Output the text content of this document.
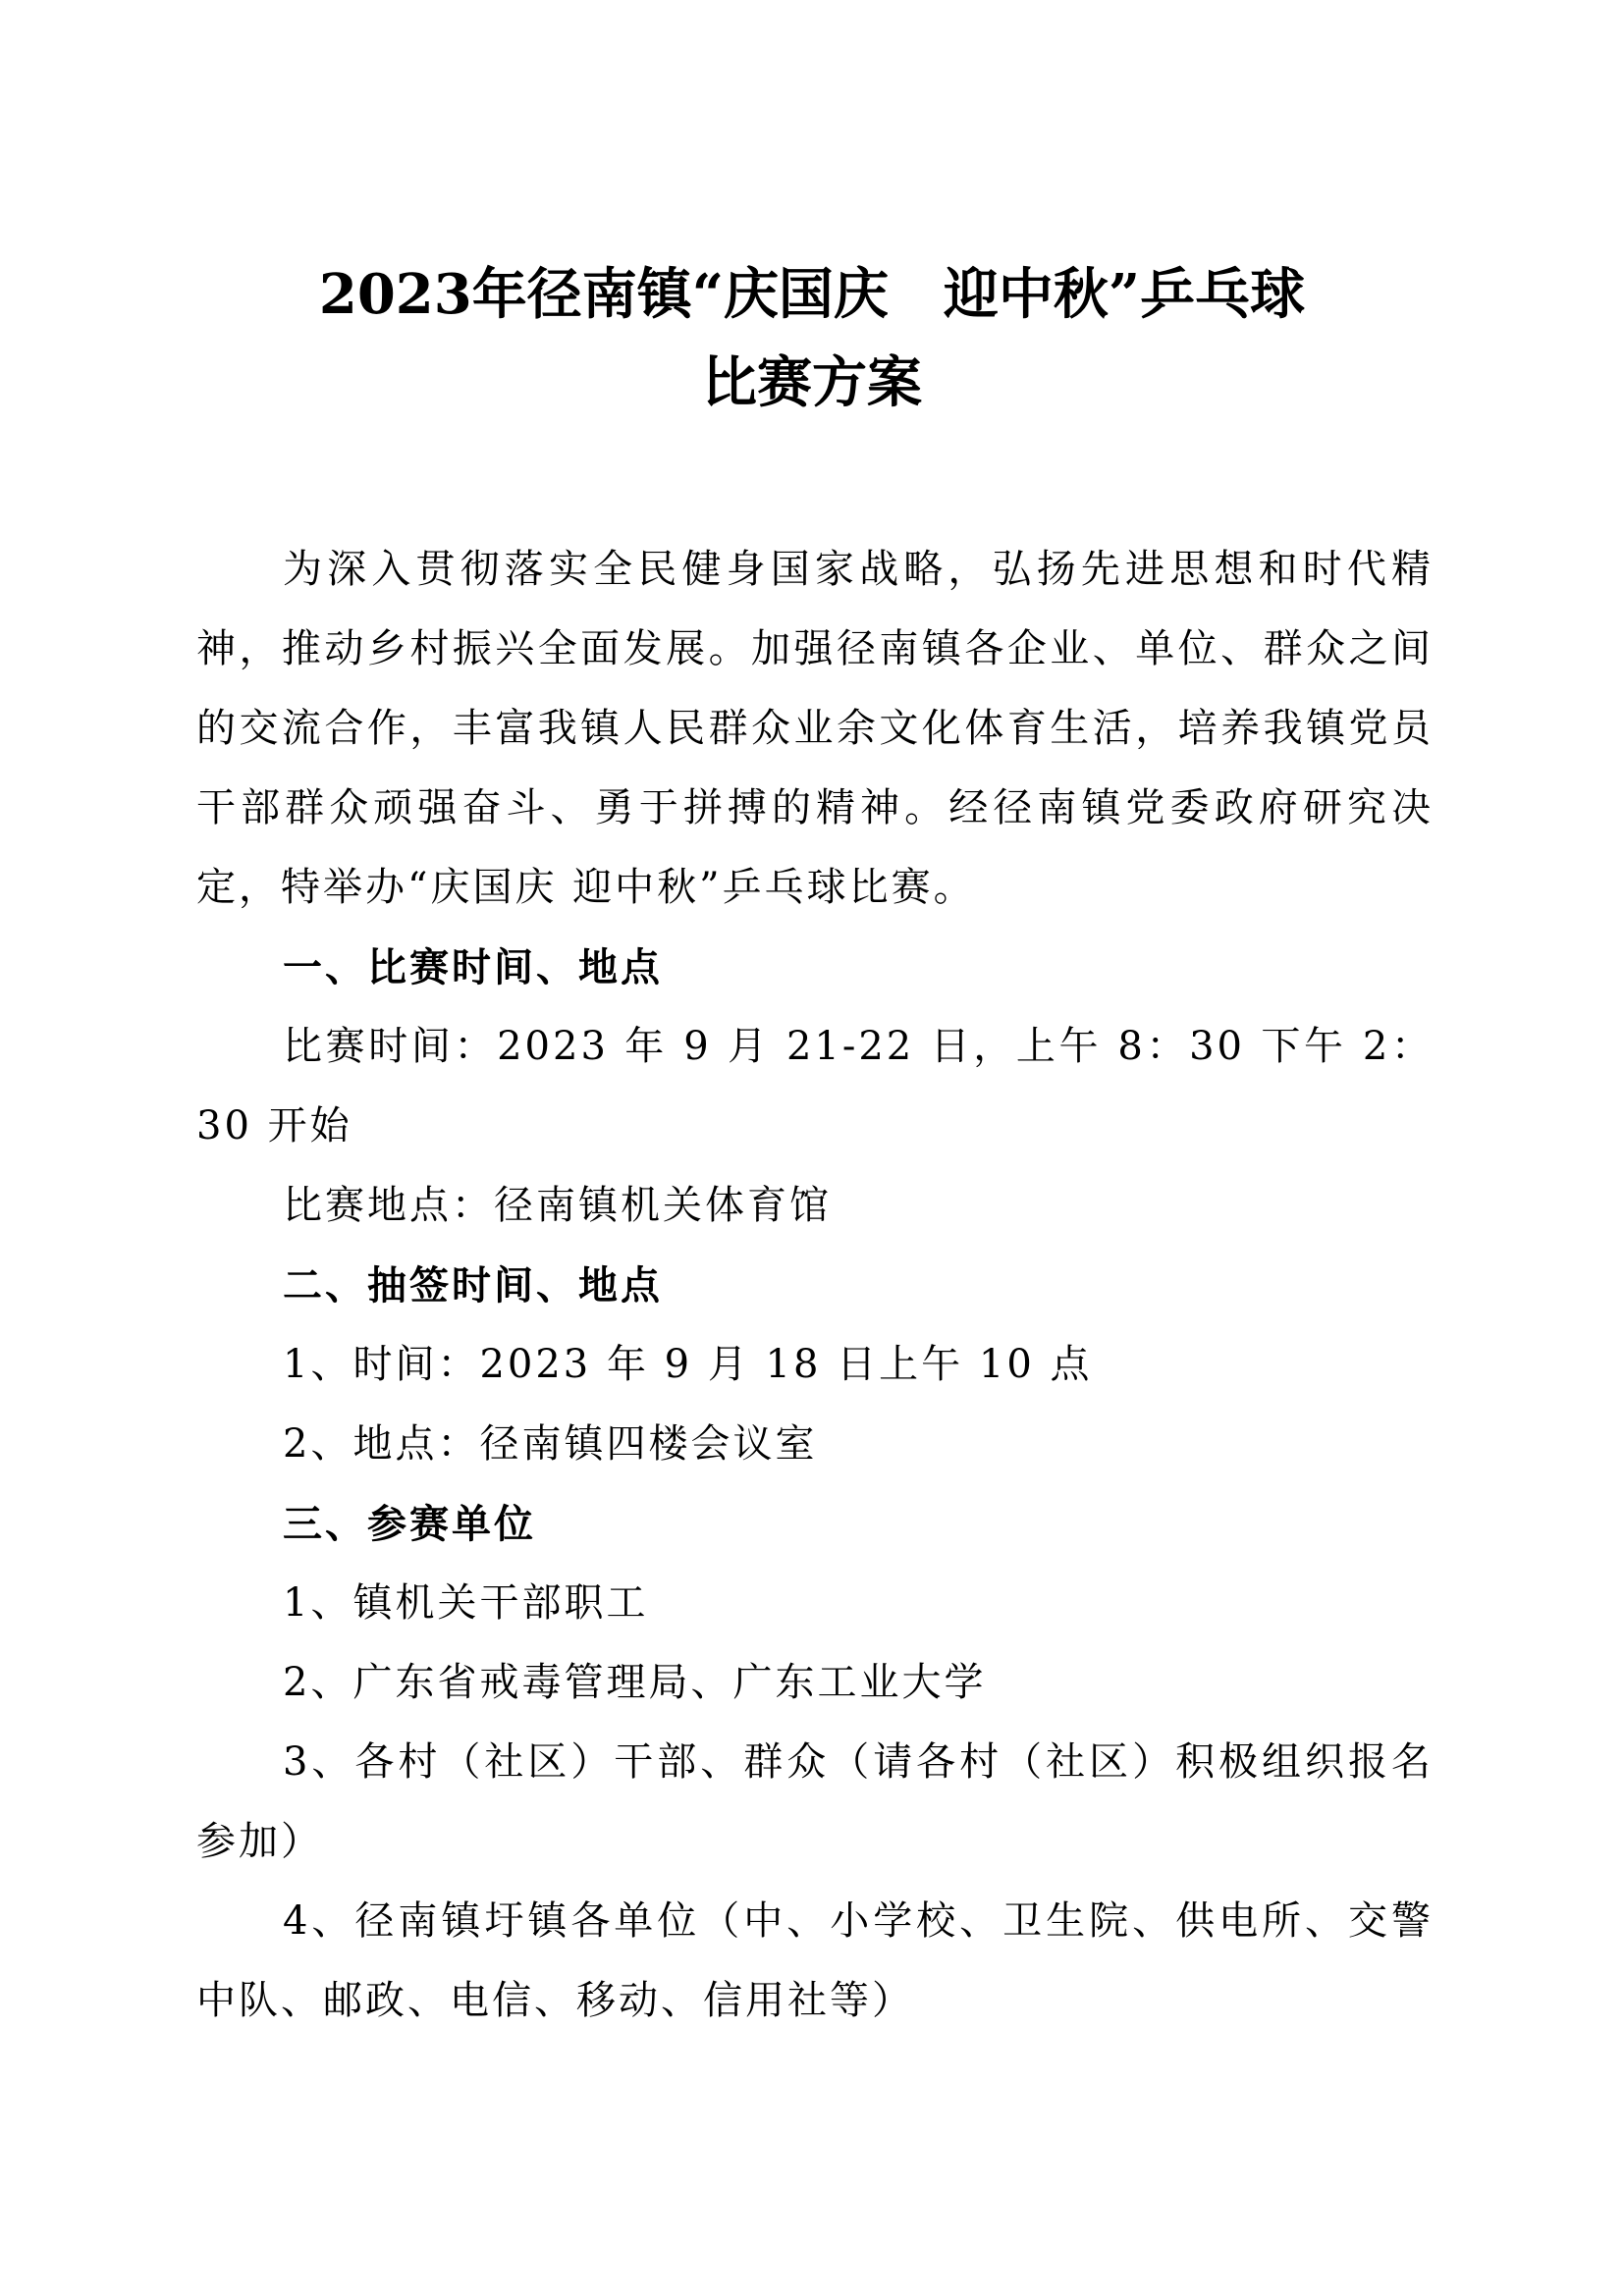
2023年径南镇“庆国庆　迎中秋”乒乓球
比赛方案

为深入贯彻落实全民健身国家战略，弘扬先进思想和时代精神，推动乡村振兴全面发展。加强径南镇各企业、单位、群众之间的交流合作，丰富我镇人民群众业余文化体育生活，培养我镇党员干部群众顽强奋斗、勇于拼搏的精神。经径南镇党委政府研究决定，特举办“庆国庆 迎中秋”乒乓球比赛。

一、比赛时间、地点

比赛时间：2023 年 9 月 21-22 日，上午 8：30 下午 2：30 开始

比赛地点：径南镇机关体育馆

二、抽签时间、地点

1、时间：2023 年 9 月 18 日上午 10 点

2、地点：径南镇四楼会议室

三、参赛单位

1、镇机关干部职工

2、广东省戒毒管理局、广东工业大学

3、各村（社区）干部、群众（请各村（社区）积极组织报名参加）

4、径南镇圩镇各单位（中、小学校、卫生院、供电所、交警中队、邮政、电信、移动、信用社等）
